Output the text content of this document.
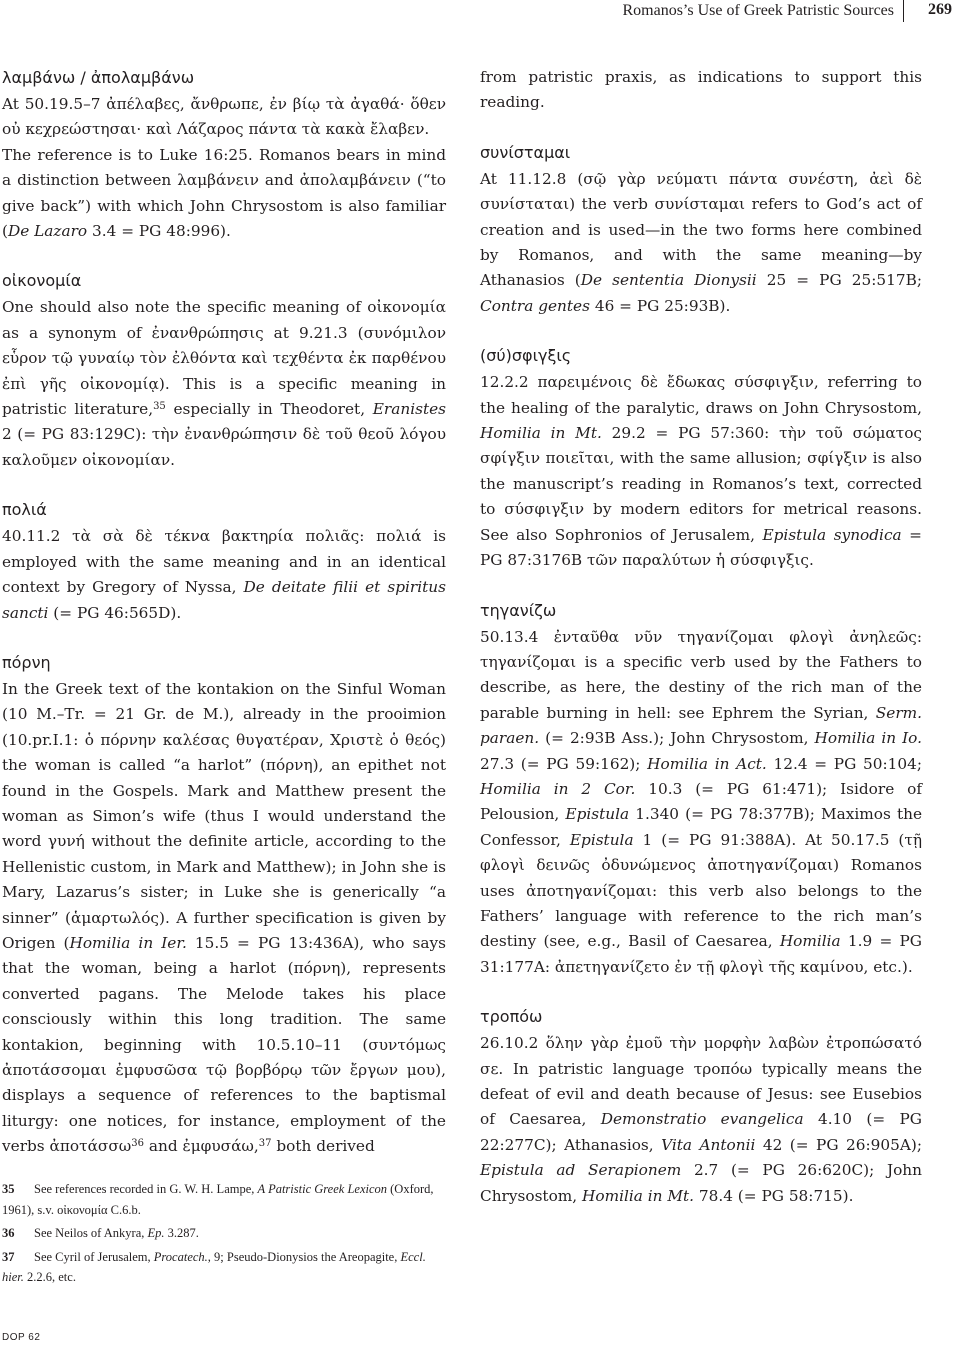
Romanos’s Use of Greek Patristic Sources 269
λαμβάνω / ἀπολαμβάνω

At 50.19.5–7 ἀπέλαβες, ἄνθρωπε, ἐν βίῳ τὰ ἀγαθά· ὅθεν οὐ κεχρεώστησαι· καὶ Λάζαρος πάντα τὰ κακὰ ἔλαβεν.

The reference is to Luke 16:25. Romanos bears in mind a distinction between λαμβάνειν and ἀπολαμβάνειν (“to give back”) with which John Chrysostom is also familiar (De Lazaro 3.4 = PG 48:996).

οἰκονομία

One should also note the specific meaning of οἰκονομία as a synonym of ἐνανθρώπησις at 9.21.3 (συνόμιλον εὗρον τῷ γυναίῳ τὸν ἐλθόντα καὶ τεχθέντα ἐκ παρθένου ἐπὶ γῆς οἰκονομίᾳ). This is a specific meaning in patristic literature,$^{35}$ especially in Theodoret, Eranistes 2 (= PG 83:129C): τὴν ἐνανθρώπησιν δὲ τοῦ θεοῦ λόγου καλοῦμεν οἰκονομίαν.

πολιά

40.11.2 τὰ σὰ δὲ τέκνα βακτηρία πολιᾶς: πολιά is employed with the same meaning and in an identical context by Gregory of Nyssa, De deitate filii et spiritus sancti (= PG 46:565D).

πόρνη

In the Greek text of the kontakion on the Sinful Woman (10 M.–Tr. = 21 Gr. de M.), already in the prooimion (10.pr.I.1: ὁ πόρνην καλέσας θυγατέραν, Χριστὲ ὁ θεός) the woman is called “a harlot” (πόρνη), an epithet not found in the Gospels. Mark and Matthew present the woman as Simon’s wife (thus I would understand the word γυνή without the definite article, according to the Hellenistic custom, in Mark and Matthew); in John she is Mary, Lazarus’s sister; in Luke she is generically “a sinner” (ἁμαρτωλός). A further specification is given by Origen (Homilia in Ier. 15.5 = PG 13:436A), who says that the woman, being a harlot (πόρνη), represents converted pagans. The Melode takes his place consciously within this long tradition. The same kontakion, beginning with 10.5.10–11 (συντόμως ἀποτάσσομαι ἐμφυσῶσα τῷ βορβόρῳ τῶν ἔργων μου), displays a sequence of references to the baptismal liturgy: one notices, for instance, employment of the verbs ἀποτάσσω$^{36}$ and ἐμφυσάω,$^{37}$ both derived

35 See references recorded in G. W. H. Lampe, A Patristic Greek Lexicon (Oxford, 1961), s.v. οἰκονομία C.6.b.

36 See Neilos of Ankyra, Ep. 3.287.

37 See Cyril of Jerusalem, Procatech., 9; Pseudo-Dionysios the Areopagite, Eccl. hier. 2.2.6, etc.

from patristic praxis, as indications to support this reading.

συνίσταμαι

At 11.12.8 (σῷ γὰρ νεύματι πάντα συνέστη, ἀεὶ δὲ συνίσταται) the verb συνίσταμαι refers to God’s act of creation and is used—in the two forms here combined by Romanos, and with the same meaning—by Athanasios (De sententia Dionysii 25 = PG 25:517B; Contra gentes 46 = PG 25:93B).

(σύ)σφιγξις

12.2.2 παρειμένοις δὲ ἔδωκας σύσφιγξιν, referring to the healing of the paralytic, draws on John Chrysostom, Homilia in Mt. 29.2 = PG 57:360: τὴν τοῦ σώματος σφίγξιν ποιεῖται, with the same allusion; σφίγξιν is also the manuscript’s reading in Romanos’s text, corrected to σύσφιγξιν by modern editors for metrical reasons. See also Sophronios of Jerusalem, Epistula synodica = PG 87:3176B τῶν παραλύτων ἡ σύσφιγξις.

τηγανίζω

50.13.4 ἐνταῦθα νῦν τηγανίζομαι φλογὶ ἀνηλεῶς: τηγανίζομαι is a specific verb used by the Fathers to describe, as here, the destiny of the rich man of the parable burning in hell: see Ephrem the Syrian, Serm. paraen. (= 2:93B Ass.); John Chrysostom, Homilia in Io. 27.3 (= PG 59:162); Homilia in Act. 12.4 = PG 50:104; Homilia in 2 Cor. 10.3 (= PG 61:471); Isidore of Pelousion, Epistula 1.340 (= PG 78:377B); Maximos the Confessor, Epistula 1 (= PG 91:388A). At 50.17.5 (τῇ φλογὶ δεινῶς ὀδυνώμενος ἀποτηγανίζομαι) Romanos uses ἀποτηγανίζομαι: this verb also belongs to the Fathers’ language with reference to the rich man’s destiny (see, e.g., Basil of Caesarea, Homilia 1.9 = PG 31:177A: ἀπετηγανίζετο ἐν τῇ φλογὶ τῆς καμίνου, etc.).

τροπόω

26.10.2 ὅλην γὰρ ἐμοῦ τὴν μορφὴν λαβὼν ἐτροπώσατό σε. In patristic language τροπόω typically means the defeat of evil and death because of Jesus: see Eusebios of Caesarea, Demonstratio evangelica 4.10 (= PG 22:277C); Athanasios, Vita Antonii 42 (= PG 26:905A); Epistula ad Serapionem 2.7 (= PG 26:620C); John Chrysostom, Homilia in Mt. 78.4 (= PG 58:715).

DOP 62
